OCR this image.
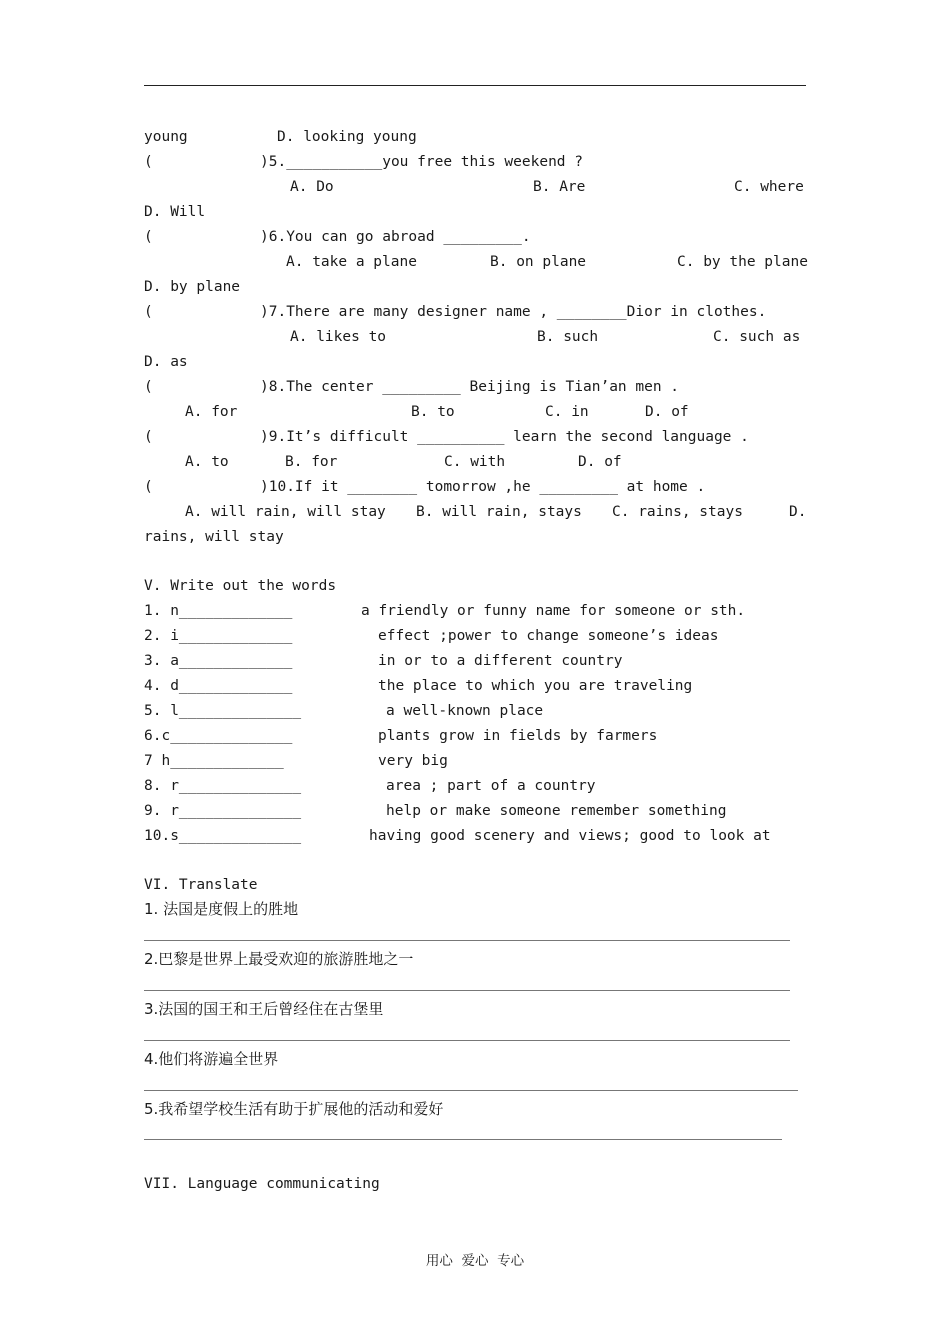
young	D. looking young
(	)5.___________you free this weekend ?
A. Do	B. Are	C. where
D. Will
(	)6.You can go abroad _________.
A. take a plane	B. on plane	C. by the plane
D. by plane
(	)7.There are many designer name , ________Dior in clothes.
A. likes to	B. such	C. such as
D. as
(	)8.The center _________ Beijing is Tian’an men .
A. for	B. to	C. in	D. of
(	)9.It’s difficult __________ learn the second language .
A. to	B. for	C. with	D. of
(	)10.If it ________ tomorrow ,he _________ at home .
A. will rain, will stay B. will rain, stays C. rains, stays	D.
rains, will stay
V. Write out the words
1. n_____________	a friendly or funny name for someone or sth.
2. i_____________	effect ;power to change someone’s ideas
3. a_____________	in or to a different country
4. d_____________	the place to which you are traveling
5. l______________	a well-known place
6.c______________	plants grow in fields by farmers
7 h_____________	very big
8. r______________	area ; part of a country
9. r______________	help or make someone remember something
10.s______________	having good scenery and views; good to look at
VI. Translate
1. 法国是度假上的胜地
2.巴黎是世界上最受欢迎的旅游胜地之一
3.法国的国王和王后曾经住在古堡里
4.他们将游遍全世界
5.我希望学校生活有助于扩展他的活动和爱好
VII. Language communicating
用心  爱心  专心
